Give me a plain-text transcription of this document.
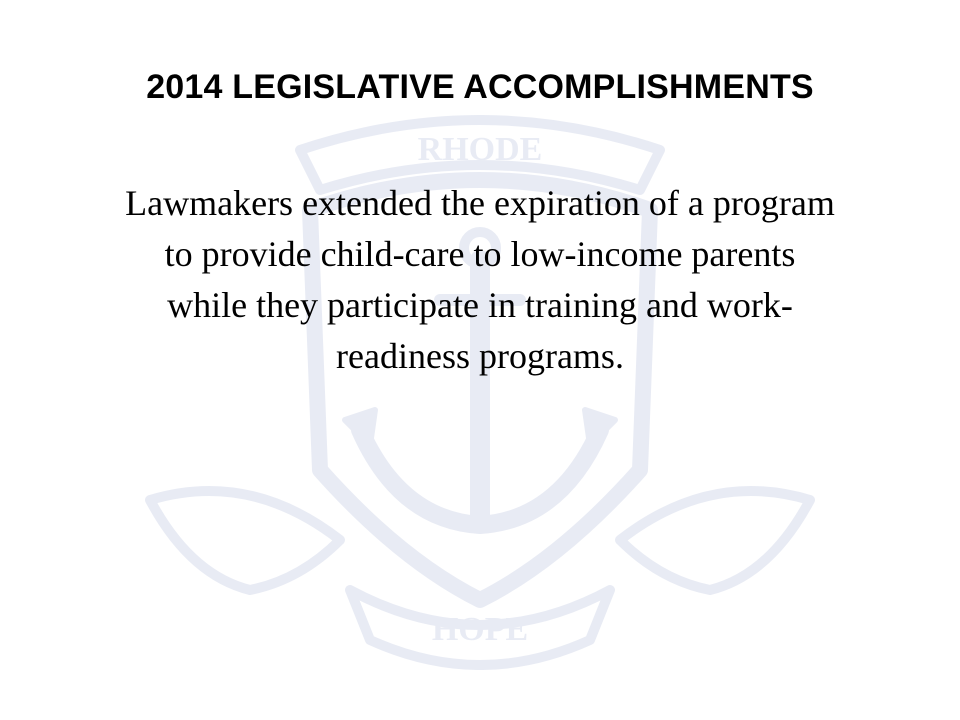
RHODE
HOPE
2014 LEGISLATIVE ACCOMPLISHMENTS

Lawmakers extended the expiration of a program
to provide child-care to low-income parents
while they participate in training and work-
readiness programs.
